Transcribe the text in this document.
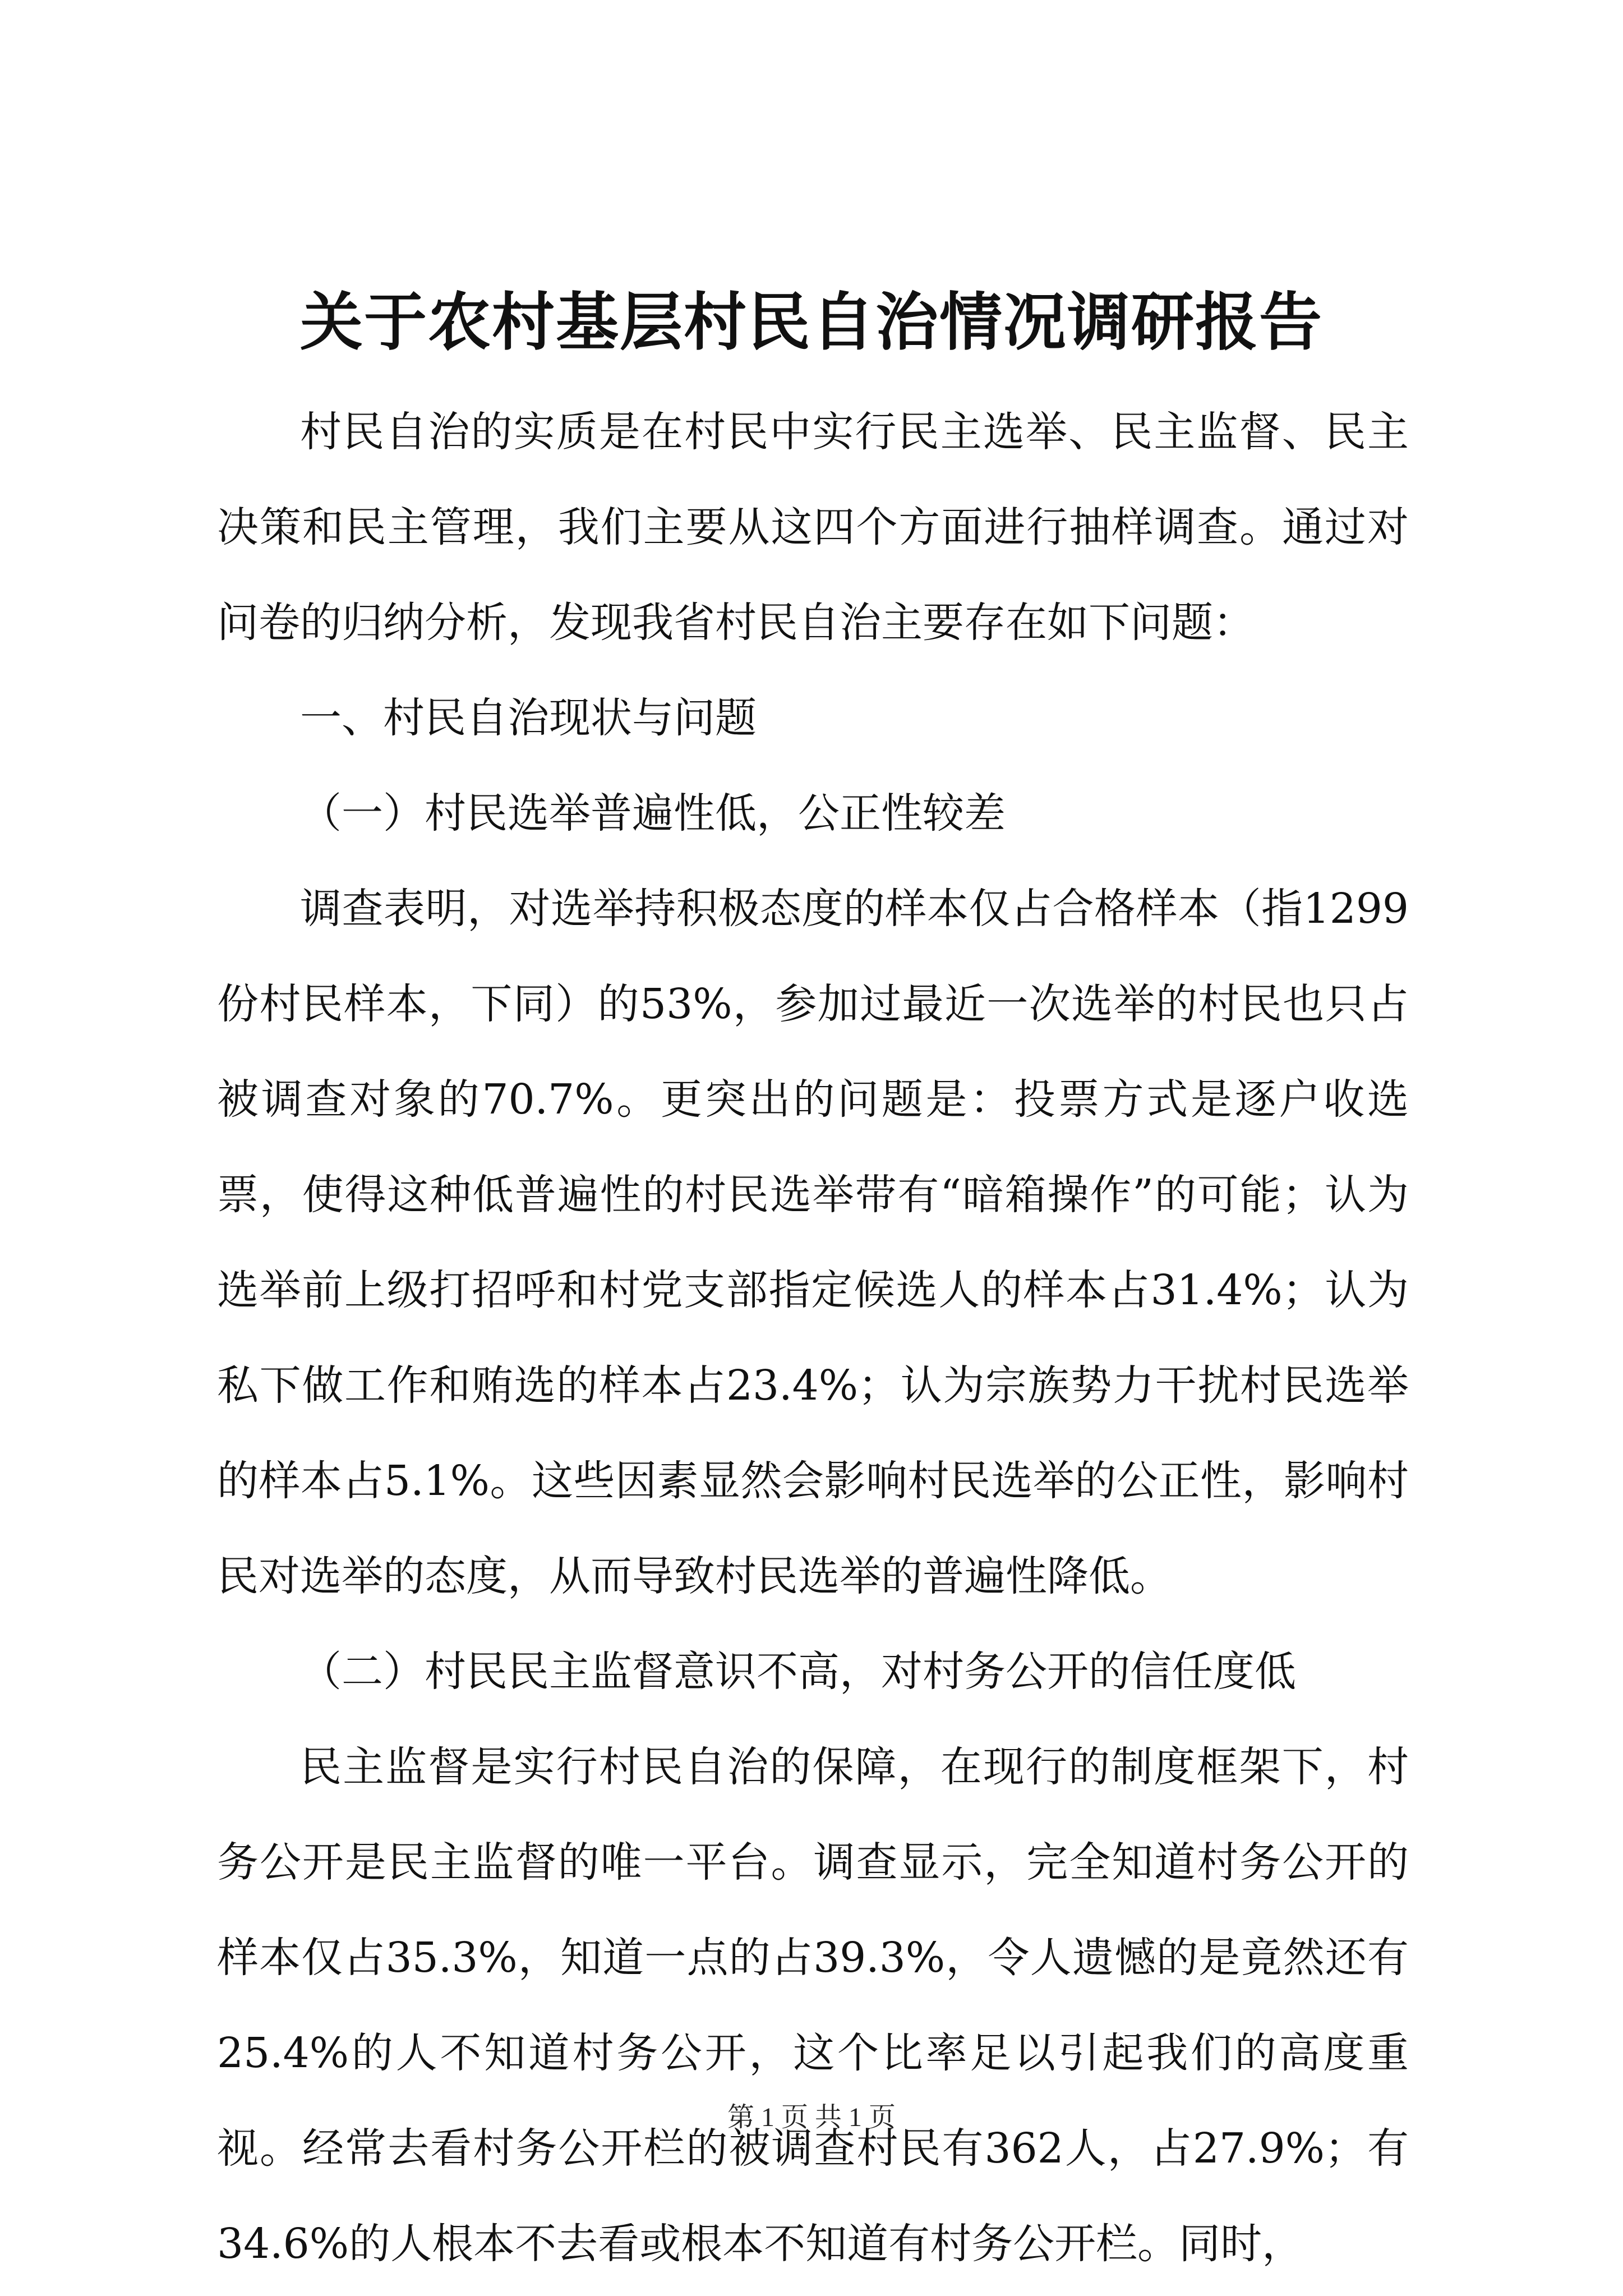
关于农村基层村民自治情况调研报告

村民自治的实质是在村民中实行民主选举、民主监督、民主决策和民主管理，我们主要从这四个方面进行抽样调查。通过对问卷的归纳分析，发现我省村民自治主要存在如下问题：

一、村民自治现状与问题

（一）村民选举普遍性低，公正性较差

调查表明，对选举持积极态度的样本仅占合格样本（指1299份村民样本，下同）的53%，参加过最近一次选举的村民也只占被调查对象的70.7%。更突出的问题是：投票方式是逐户收选票，使得这种低普遍性的村民选举带有“暗箱操作”的可能；认为选举前上级打招呼和村党支部指定候选人的样本占31.4%；认为私下做工作和贿选的样本占23.4%；认为宗族势力干扰村民选举的样本占5.1%。这些因素显然会影响村民选举的公正性，影响村民对选举的态度，从而导致村民选举的普遍性降低。

（二）村民民主监督意识不高，对村务公开的信任度低

民主监督是实行村民自治的保障，在现行的制度框架下，村务公开是民主监督的唯一平台。调查显示，完全知道村务公开的样本仅占35.3%，知道一点的占39.3%，令人遗憾的是竟然还有25.4%的人不知道村务公开，这个比率足以引起我们的高度重视。经常去看村务公开栏的被调查村民有362人，占27.9%；有34.6%的人根本不去看或根本不知道有村务公开栏。同时，

第 1 页 共 1 页
